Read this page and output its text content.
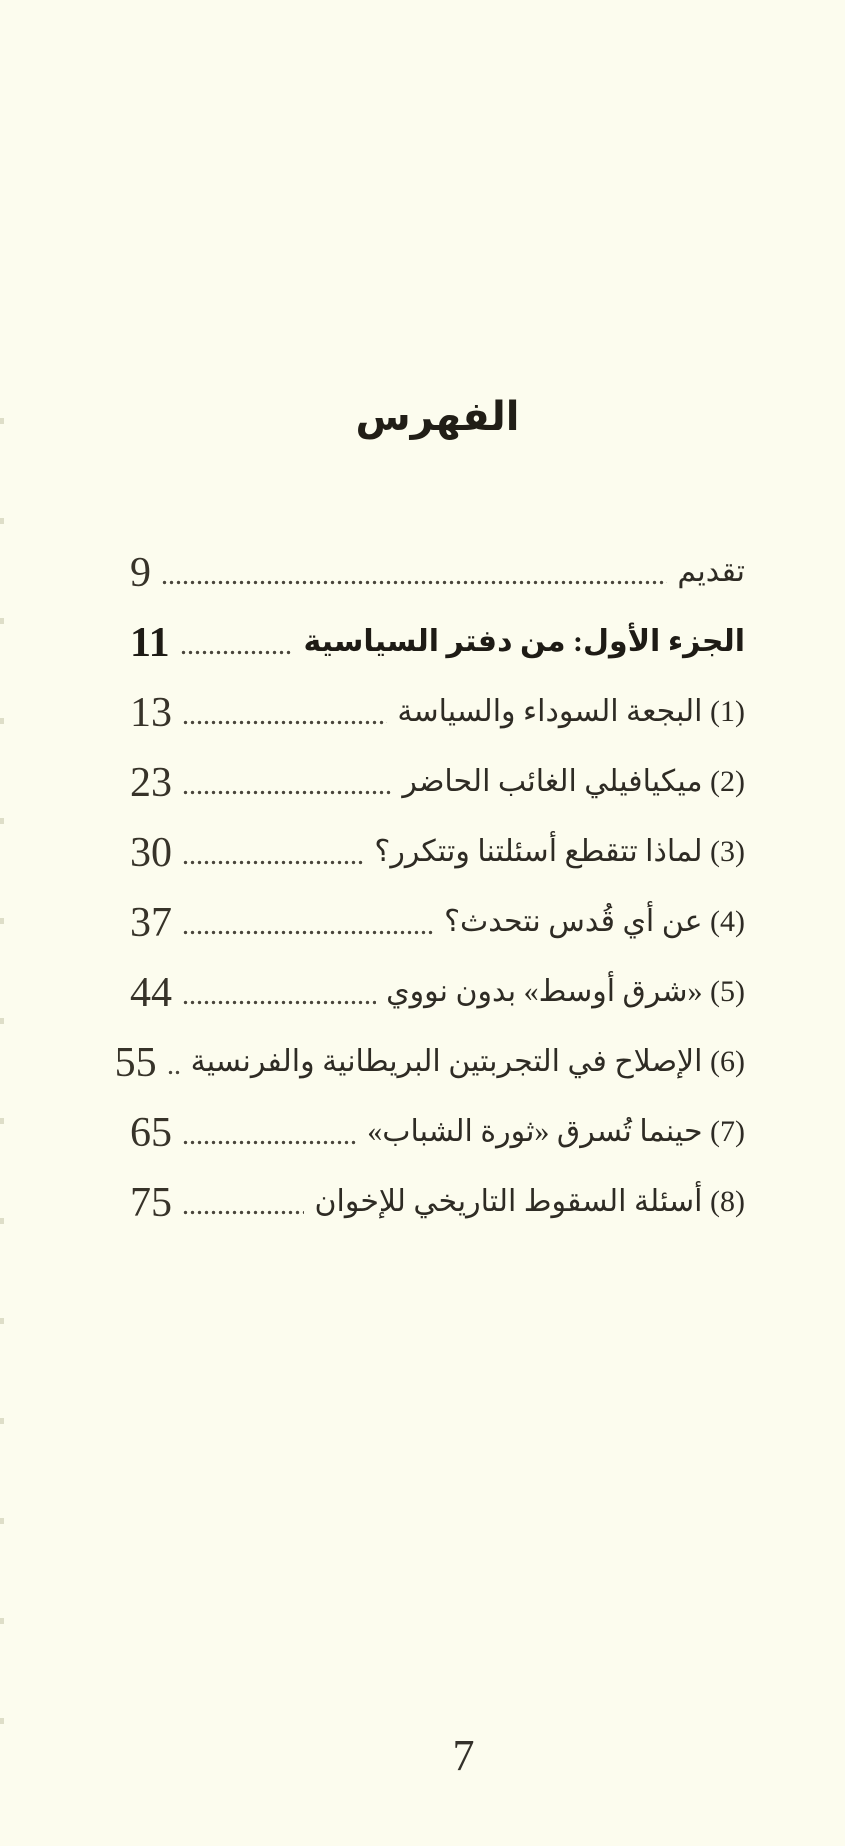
الفهرس
تقديم
9
الجزء الأول: من دفتر السياسية
11
(1) البجعة السوداء والسياسة
13
(2) ميكيافيلي الغائب الحاضر
23
(3) لماذا تتقطع أسئلتنا وتتكرر؟
30
(4) عن أي قُدس نتحدث؟
37
(5) «شرق أوسط» بدون نووي
44
(6) الإصلاح في التجربتين البريطانية والفرنسية
55
(7) حينما تُسرق «ثورة الشباب»
65
(8) أسئلة السقوط التاريخي للإخوان
75
7
